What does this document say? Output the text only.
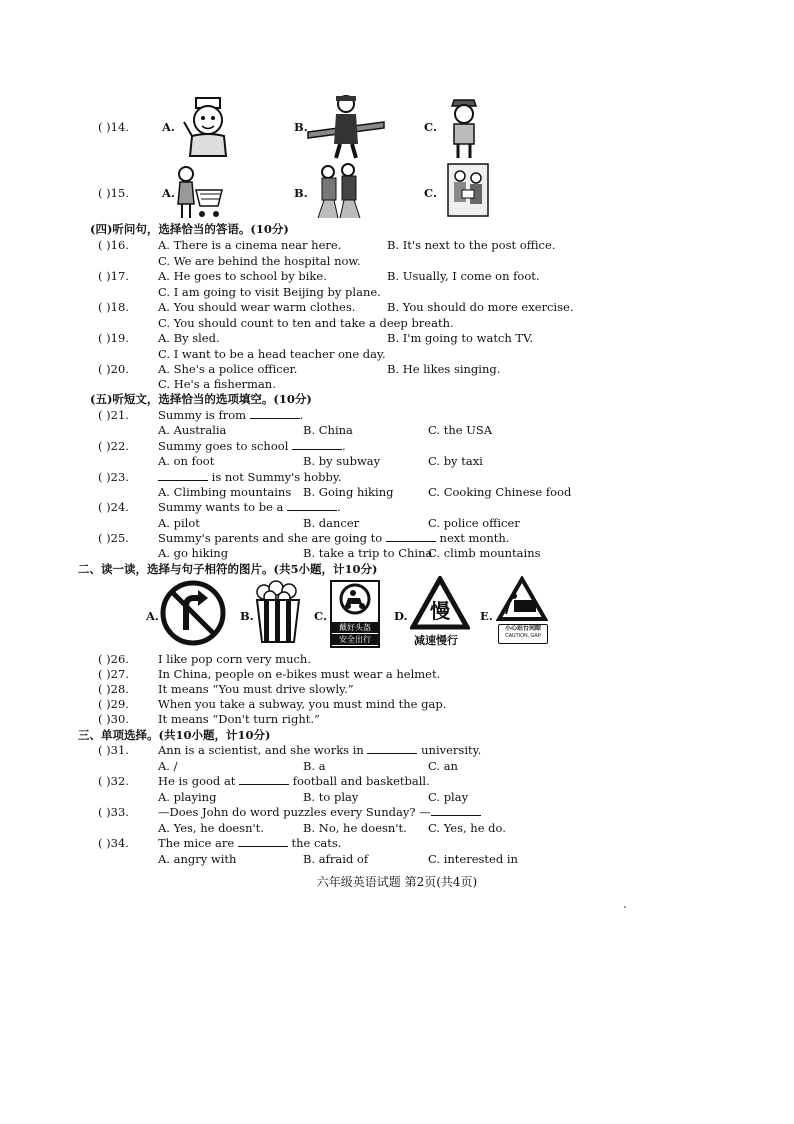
( )14.	A.	B.	C.
( )15.	A.	B.	C.
(四)听问句，选择恰当的答语。(10分)
( )16.	A. There is a cinema near here.	B. It's next to the post office.
C. We are behind the hospital now.
( )17.	A. He goes to school by bike.	B. Usually, I come on foot.
C. I am going to visit Beijing by plane.
( )18.	A. You should wear warm clothes.	B. You should do more exercise.
C. You should count to ten and take a deep breath.
( )19.	A. By sled.	B. I'm going to watch TV.
C. I want to be a head teacher one day.
( )20.	A. She's a police officer.	B. He likes singing.
C. He's a fisherman.
(五)听短文，选择恰当的选项填空。(10分)
( )21.	Summy is from	.
A. Australia	B. China	C. the USA
( )22.	Summy goes to school	.
A. on foot	B. by subway	C. by taxi
( )23.	is not Summy's hobby.
A. Climbing mountains B. Going hiking	C. Cooking Chinese food
( )24.	Summy wants to be a	.
A. pilot	B. dancer	C. police officer
( )25.	Summy's parents and she are going to	next month.
A. go hiking	B. take a trip to China
C. climb mountains
二、读一读，选择与句子相符的图片。(共5小题，计10分)
A.	B.	C.
戴好头盔
安全出行
D. 慢
减速慢行
E.
小心站台间隙
CAUTION, GAP
( )26.	I like pop corn very much.
( )27.	In China, people on e-bikes must wear a helmet.
( )28.	It means “You must drive slowly.”
( )29.	When you take a subway, you must mind the gap.
( )30.	It means “Don't turn right.”
三、单项选择。(共10小题，计10分)
( )31.	Ann is a scientist, and she works in	university.
A. /	B. a	C. an
( )32.	He is good at	football and basketball.
A. playing	B. to play	C. play
( )33.	—Does John do word puzzles every Sunday? —
A. Yes, he doesn't.	B. No, he doesn't. C. Yes, he do.
( )34.	The mice are	the cats.
A. angry with	B. afraid of	C. interested in
六年级英语试题 第2页(共4页)
